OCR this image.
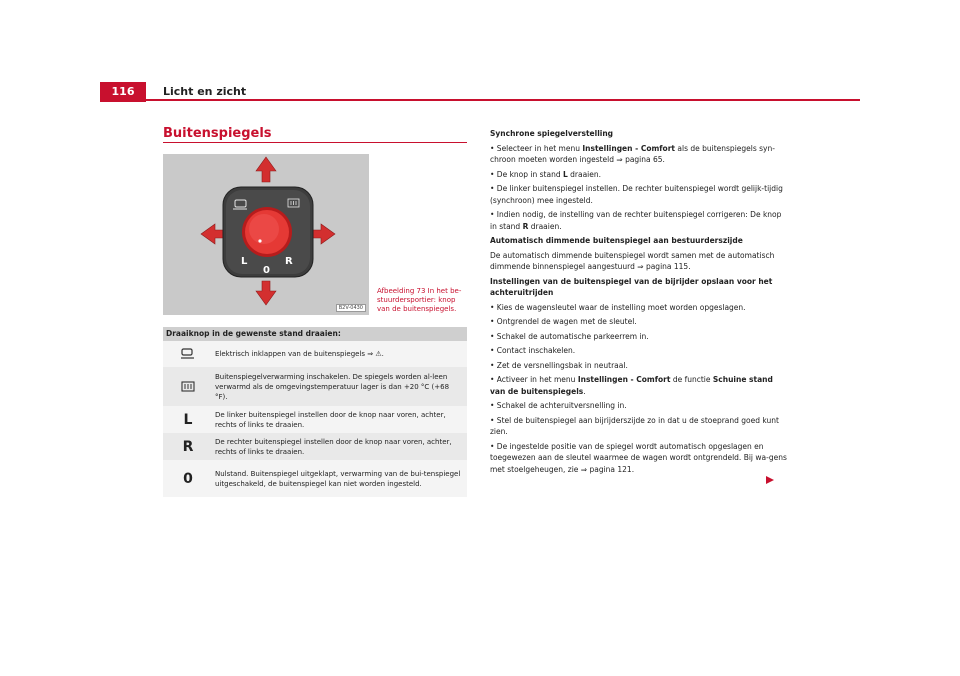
116	Licht en zicht
Buitenspiegels
L
0
R
B2V-0430
Afbeelding 73 In het be-stuurdersportier: knop van de buitenspiegels.
Draaiknop in de gewenste stand draaien:
Elektrisch inklappen van de buitenspiegels ⇒ ⚠.
Buitenspiegelverwarming inschakelen. De spiegels worden al-leen verwarmd als de omgevingstemperatuur lager is dan +20 °C (+68 °F).
L	De linker buitenspiegel instellen door de knop naar voren, achter, rechts of links te draaien.
R	De rechter buitenspiegel instellen door de knop naar voren, achter, rechts of links te draaien.
0	Nulstand. Buitenspiegel uitgeklapt, verwarming van de bui-tenspiegel uitgeschakeld, de buitenspiegel kan niet worden ingesteld.

Synchrone spiegelverstelling

• Selecteer in het menu Instellingen - Comfort als de buitenspiegels syn-chroon moeten worden ingesteld ⇒ pagina 65.

• De knop in stand L draaien.

• De linker buitenspiegel instellen. De rechter buitenspiegel wordt gelijk-tijdig (synchroon) mee ingesteld.

• Indien nodig, de instelling van de rechter buitenspiegel corrigeren: De knop in stand R draaien.

Automatisch dimmende buitenspiegel aan bestuurderszijde

De automatisch dimmende buitenspiegel wordt samen met de automatisch dimmende binnenspiegel aangestuurd ⇒ pagina 115.

Instellingen van de buitenspiegel van de bijrijder opslaan voor het achteruitrijden

• Kies de wagensleutel waar de instelling moet worden opgeslagen.

• Ontgrendel de wagen met de sleutel.

• Schakel de automatische parkeerrem in.

• Contact inschakelen.

• Zet de versnellingsbak in neutraal.

• Activeer in het menu Instellingen - Comfort de functie Schuine stand van de buitenspiegels.

• Schakel de achteruitversnelling in.

• Stel de buitenspiegel aan bijrijderszijde zo in dat u de stoeprand goed kunt zien.

• De ingestelde positie van de spiegel wordt automatisch opgeslagen en toegewezen aan de sleutel waarmee de wagen wordt ontgrendeld. Bij wa-gens met stoelgeheugen, zie ⇒ pagina 121.
